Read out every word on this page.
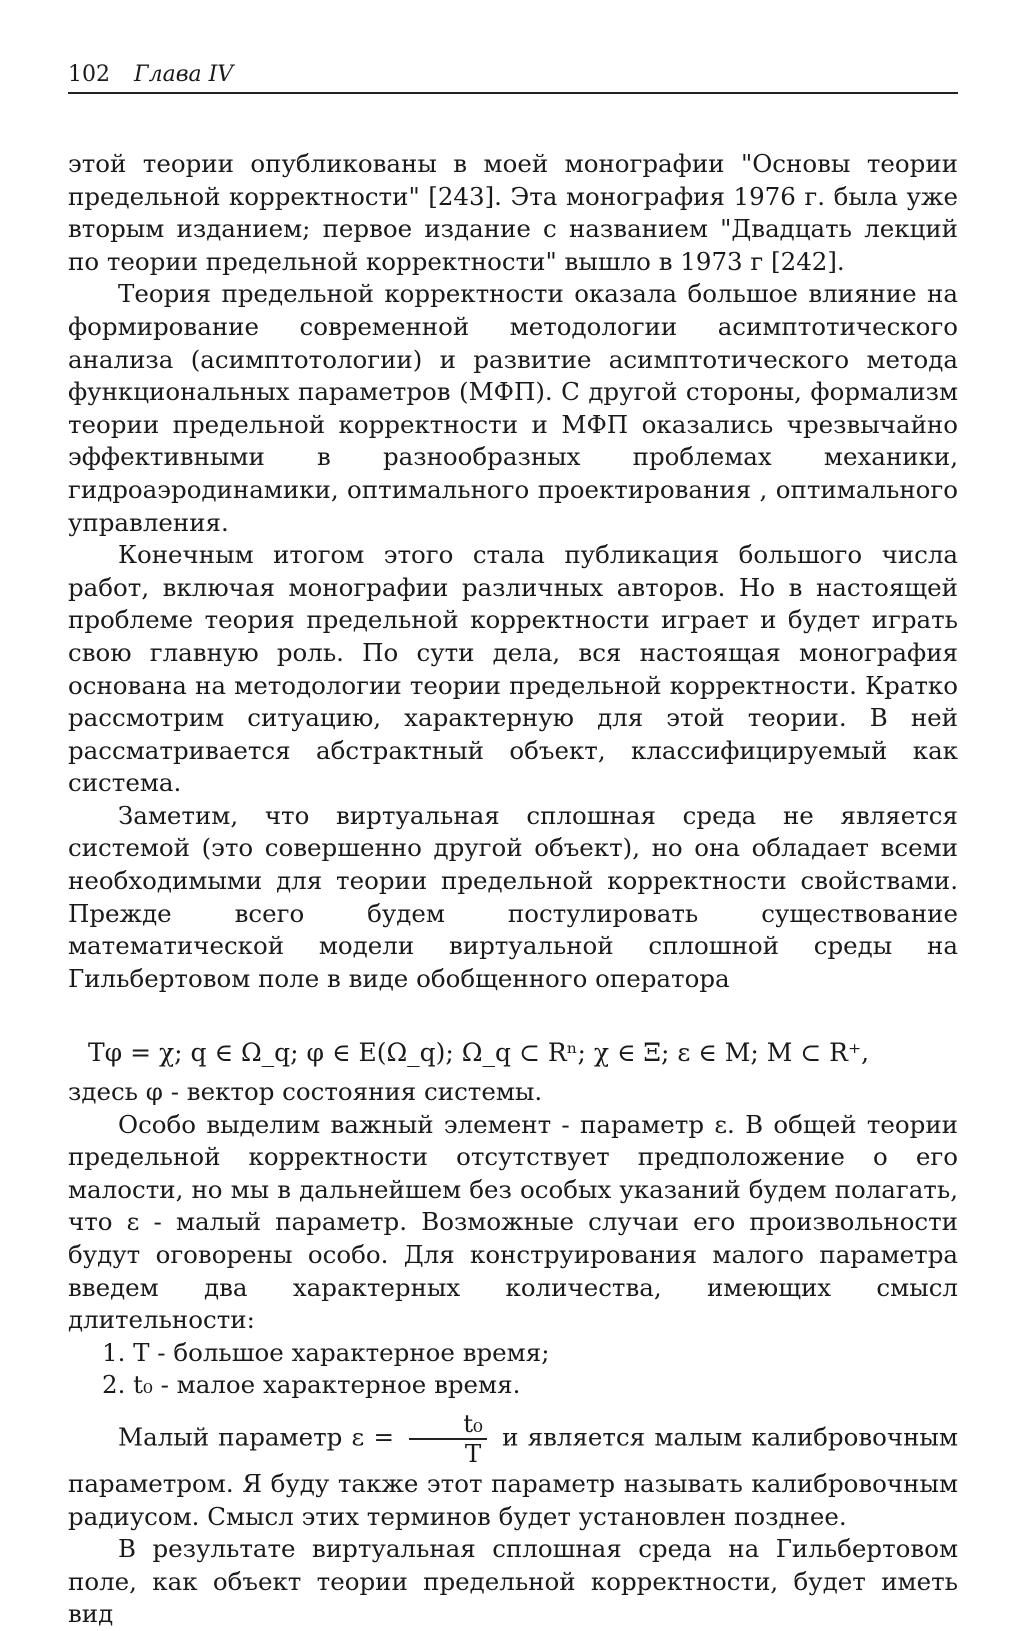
102 Глава IV

этой теории опубликованы в моей монографии "Основы теории предельной корректности" [243]. Эта монография 1976 г. была уже вторым изданием; первое издание с названием "Двадцать лекций по теории предельной корректности" вышло в 1973 г [242].

Теория предельной корректности оказала большое влияние на формирование современной методологии асимптотического анализа (асимптотологии) и развитие асимптотического метода функциональных параметров (МФП). С другой стороны, формализм теории предельной корректности и МФП оказались чрезвычайно эффективными в разнообразных проблемах механики, гидроаэродинамики, оптимального проектирования , оптимального управления.

Конечным итогом этого стала публикация большого числа работ, включая монографии различных авторов. Но в настоящей проблеме теория предельной корректности играет и будет играть свою главную роль. По сути дела, вся настоящая монография основана на методологии теории предельной корректности. Кратко рассмотрим ситуацию, характерную для этой теории. В ней рассматривается абстрактный объект, классифицируемый как система.

Заметим, что виртуальная сплошная среда не является системой (это совершенно другой объект), но она обладает всеми необходимыми для теории предельной корректности свойствами. Прежде всего будем постулировать существование математической модели виртуальной сплошной среды на Гильбертовом поле в виде обобщенного оператора

Tφ = χ; q ∈ Ω_q; φ ∈ E(Ω_q); Ω_q ⊂ Rⁿ; χ ∈ Ξ; ε ∈ M; M ⊂ R⁺,

здесь φ - вектор состояния системы.

Особо выделим важный элемент - параметр ε. В общей теории предельной корректности отсутствует предположение о его малости, но мы в дальнейшем без особых указаний будем полагать, что ε - малый параметр. Возможные случаи его произвольности будут оговорены особо. Для конструирования малого параметра введем два характерных количества, имеющих смысл длительности:

1. T - большое характерное время;
2. t₀ - малое характерное время.

Малый параметр $\varepsilon = \frac{\text{t₀}}{T}$ и является малым калибровочным параметром. Я буду также этот параметр называть калибровочным радиусом. Смысл этих терминов будет установлен позднее.

В результате виртуальная сплошная среда на Гильбертовом поле, как объект теории предельной корректности, будет иметь вид
